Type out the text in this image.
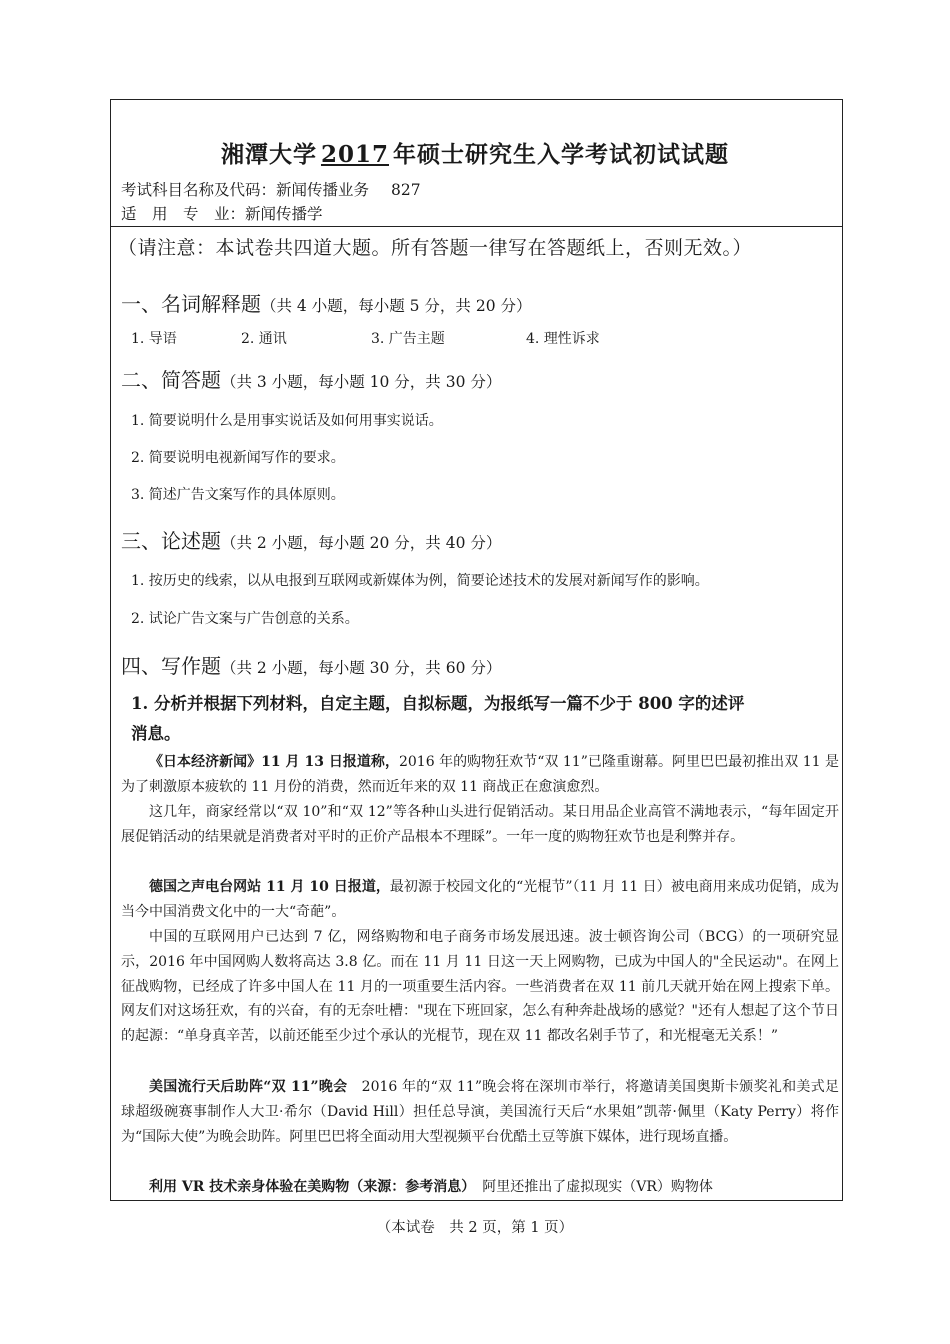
湘潭大学 2017 年硕士研究生入学考试初试试题
考试科目名称及代码：新闻传播业务 827
适　用　专　业：新闻传播学
（请注意：本试卷共四道大题。所有答题一律写在答题纸上，否则无效。）
一、名词解释题（共 4 小题，每小题 5 分，共 20 分）
1. 导语	2. 通讯	3. 广告主题	4. 理性诉求
二、简答题（共 3 小题，每小题 10 分，共 30 分）
1. 简要说明什么是用事实说话及如何用事实说话。
2. 简要说明电视新闻写作的要求。
3. 简述广告文案写作的具体原则。
三、论述题（共 2 小题，每小题 20 分，共 40 分）
1. 按历史的线索，以从电报到互联网或新媒体为例，简要论述技术的发展对新闻写作的影响。
2. 试论广告文案与广告创意的关系。
四、写作题（共 2 小题，每小题 30 分，共 60 分）
1. 分析并根据下列材料，自定主题，自拟标题，为报纸写一篇不少于 800 字的述评
消息。
《日本经济新闻》11 月 13 日报道称，2016 年的购物狂欢节“双 11”已隆重谢幕。阿里巴巴最初推出双 11 是为了刺激原本疲软的 11 月份的消费，然而近年来的双 11 商战正在愈演愈烈。
这几年，商家经常以“双 10”和“双 12”等各种山头进行促销活动。某日用品企业高管不满地表示，“每年固定开展促销活动的结果就是消费者对平时的正价产品根本不理睬”。一年一度的购物狂欢节也是利弊并存。
德国之声电台网站 11 月 10 日报道，最初源于校园文化的“光棍节”（11 月 11 日）被电商用来成功促销，成为当今中国消费文化中的一大“奇葩”。
中国的互联网用户已达到 7 亿，网络购物和电子商务市场发展迅速。波士顿咨询公司（BCG）的一项研究显示，2016 年中国网购人数将高达 3.8 亿。而在 11 月 11 日这一天上网购物，已成为中国人的"全民运动"。在网上征战购物，已经成了许多中国人在 11 月的一项重要生活内容。一些消费者在双 11 前几天就开始在网上搜索下单。网友们对这场狂欢，有的兴奋，有的无奈吐槽："现在下班回家，怎么有种奔赴战场的感觉？"还有人想起了这个节日的起源：“单身真辛苦，以前还能至少过个承认的光棍节，现在双 11 都改名剁手节了，和光棍毫无关系！”
美国流行天后助阵“双 11”晚会　 2016 年的“双 11”晚会将在深圳市举行，将邀请美国奥斯卡颁奖礼和美式足球超级碗赛事制作人大卫·希尔（David Hill）担任总导演，美国流行天后“水果姐”凯蒂·佩里（Katy Perry）将作为“国际大使”为晚会助阵。阿里巴巴将全面动用大型视频平台优酷土豆等旗下媒体，进行现场直播。
利用 VR 技术亲身体验在美购物（来源：参考消息）　 阿里还推出了虚拟现实（VR）购物体
（本试卷　共 2 页，第 1 页）
